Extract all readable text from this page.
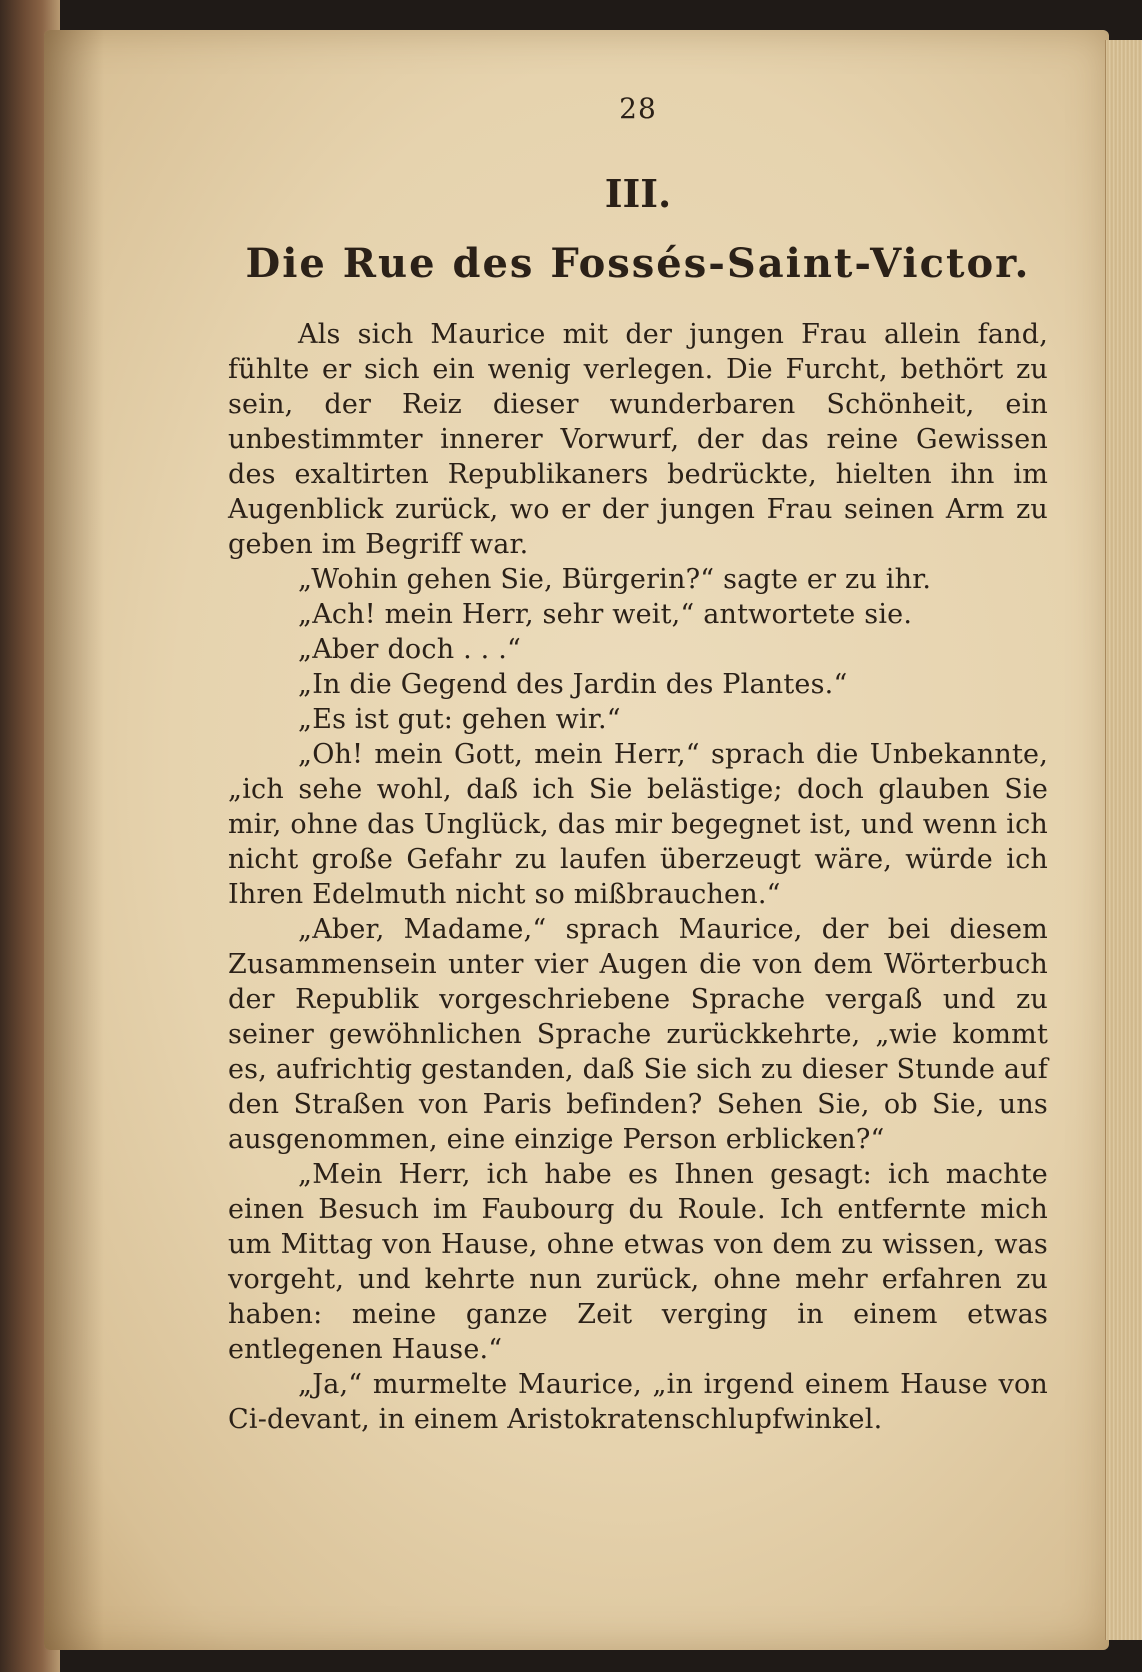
28
III.
Die Rue des Fossés-Saint-Victor.

Als sich Maurice mit der jungen Frau allein fand, fühlte er sich ein wenig verlegen. Die Furcht, bethört zu sein, der Reiz dieser wunderbaren Schönheit, ein unbestimmter innerer Vorwurf, der das reine Gewissen des exaltirten Republikaners bedrückte, hielten ihn im Augenblick zurück, wo er der jungen Frau seinen Arm zu geben im Begriff war.

„Wohin gehen Sie, Bürgerin?“ sagte er zu ihr.

„Ach! mein Herr, sehr weit,“ antwortete sie.

„Aber doch . . .“

„In die Gegend des Jardin des Plantes.“

„Es ist gut: gehen wir.“

„Oh! mein Gott, mein Herr,“ sprach die Unbekannte, „ich sehe wohl, daß ich Sie belästige; doch glauben Sie mir, ohne das Unglück, das mir begegnet ist, und wenn ich nicht große Gefahr zu laufen überzeugt wäre, würde ich Ihren Edelmuth nicht so mißbrauchen.“

„Aber, Madame,“ sprach Maurice, der bei diesem Zusammensein unter vier Augen die von dem Wörterbuch der Republik vorgeschriebene Sprache vergaß und zu seiner gewöhnlichen Sprache zurückkehrte, „wie kommt es, aufrichtig gestanden, daß Sie sich zu dieser Stunde auf den Straßen von Paris befinden? Sehen Sie, ob Sie, uns ausgenommen, eine einzige Person erblicken?“

„Mein Herr, ich habe es Ihnen gesagt: ich machte einen Besuch im Faubourg du Roule. Ich entfernte mich um Mittag von Hause, ohne etwas von dem zu wissen, was vorgeht, und kehrte nun zurück, ohne mehr erfahren zu haben: meine ganze Zeit verging in einem etwas entlegenen Hause.“

„Ja,“ murmelte Maurice, „in irgend einem Hause von Ci-devant, in einem Aristokratenschlupfwinkel.
